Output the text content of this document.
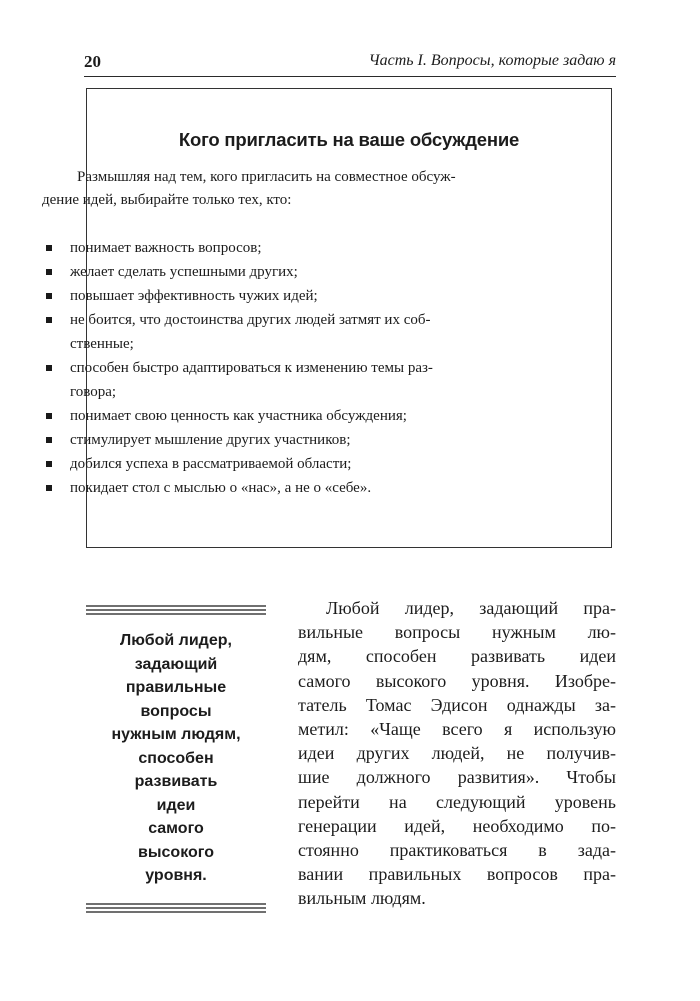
20	Часть I. Вопросы, которые задаю я
Кого пригласить на ваше обсуждение

Размышляя над тем, кого пригласить на совместное обсуж-
дение идей, выбирайте только тех, кто:

понимает важность вопросов;
желает сделать успешными других;
повышает эффективность чужих идей;
не боится, что достоинства других людей затмят их соб-
ственные;
способен быстро адаптироваться к изменению темы раз-
говора;
понимает свою ценность как участника обсуждения;
стимулирует мышление других участников;
добился успеха в рассматриваемой области;
покидает стол с мыслью о «нас», а не о «себе».
Любой лидер,
задающий
правильные
вопросы
нужным людям,
способен
развивать
идеи
самого
высокого
уровня.

Любой лидер, задающий пра-
вильные вопросы нужным лю-
дям, способен развивать идеи
самого высокого уровня. Изобре-
татель Томас Эдисон однажды за-
метил: «Чаще всего я использую
идеи других людей, не получив-
шие должного развития». Чтобы
перейти на следующий уровень
генерации идей, необходимо по-
стоянно практиковаться в зада-
вании правильных вопросов пра-
вильным людям.
